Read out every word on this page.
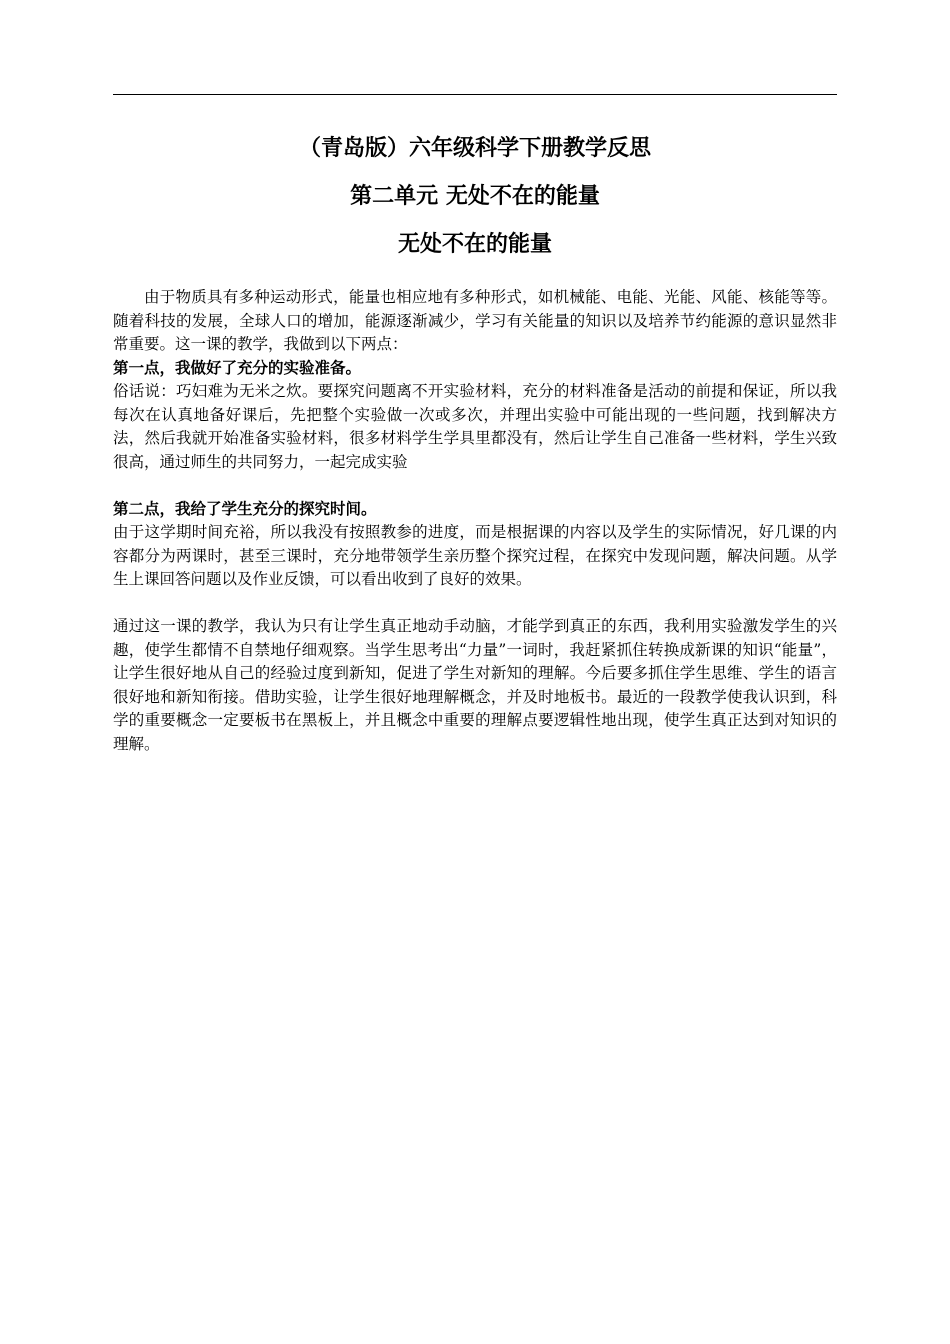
（青岛版）六年级科学下册教学反思
第二单元 无处不在的能量
无处不在的能量

由于物质具有多种运动形式，能量也相应地有多种形式，如机械能、电能、光能、风能、核能等等。随着科技的发展，全球人口的增加，能源逐渐减少，学习有关能量的知识以及培养节约能源的意识显然非常重要。这一课的教学，我做到以下两点：

第一点，我做好了充分的实验准备。

俗话说：巧妇难为无米之炊。要探究问题离不开实验材料，充分的材料准备是活动的前提和保证，所以我每次在认真地备好课后，先把整个实验做一次或多次，并理出实验中可能出现的一些问题，找到解决方法，然后我就开始准备实验材料，很多材料学生学具里都没有，然后让学生自己准备一些材料，学生兴致很高，通过师生的共同努力，一起完成实验

第二点，我给了学生充分的探究时间。

由于这学期时间充裕，所以我没有按照教参的进度，而是根据课的内容以及学生的实际情况，好几课的内容都分为两课时，甚至三课时，充分地带领学生亲历整个探究过程，在探究中发现问题，解决问题。从学生上课回答问题以及作业反馈，可以看出收到了良好的效果。

通过这一课的教学，我认为只有让学生真正地动手动脑，才能学到真正的东西，我利用实验激发学生的兴趣，使学生都情不自禁地仔细观察。当学生思考出“力量”一词时，我赶紧抓住转换成新课的知识“能量”，让学生很好地从自己的经验过度到新知，促进了学生对新知的理解。今后要多抓住学生思维、学生的语言很好地和新知衔接。借助实验，让学生很好地理解概念，并及时地板书。最近的一段教学使我认识到，科学的重要概念一定要板书在黑板上，并且概念中重要的理解点要逻辑性地出现，使学生真正达到对知识的理解。
